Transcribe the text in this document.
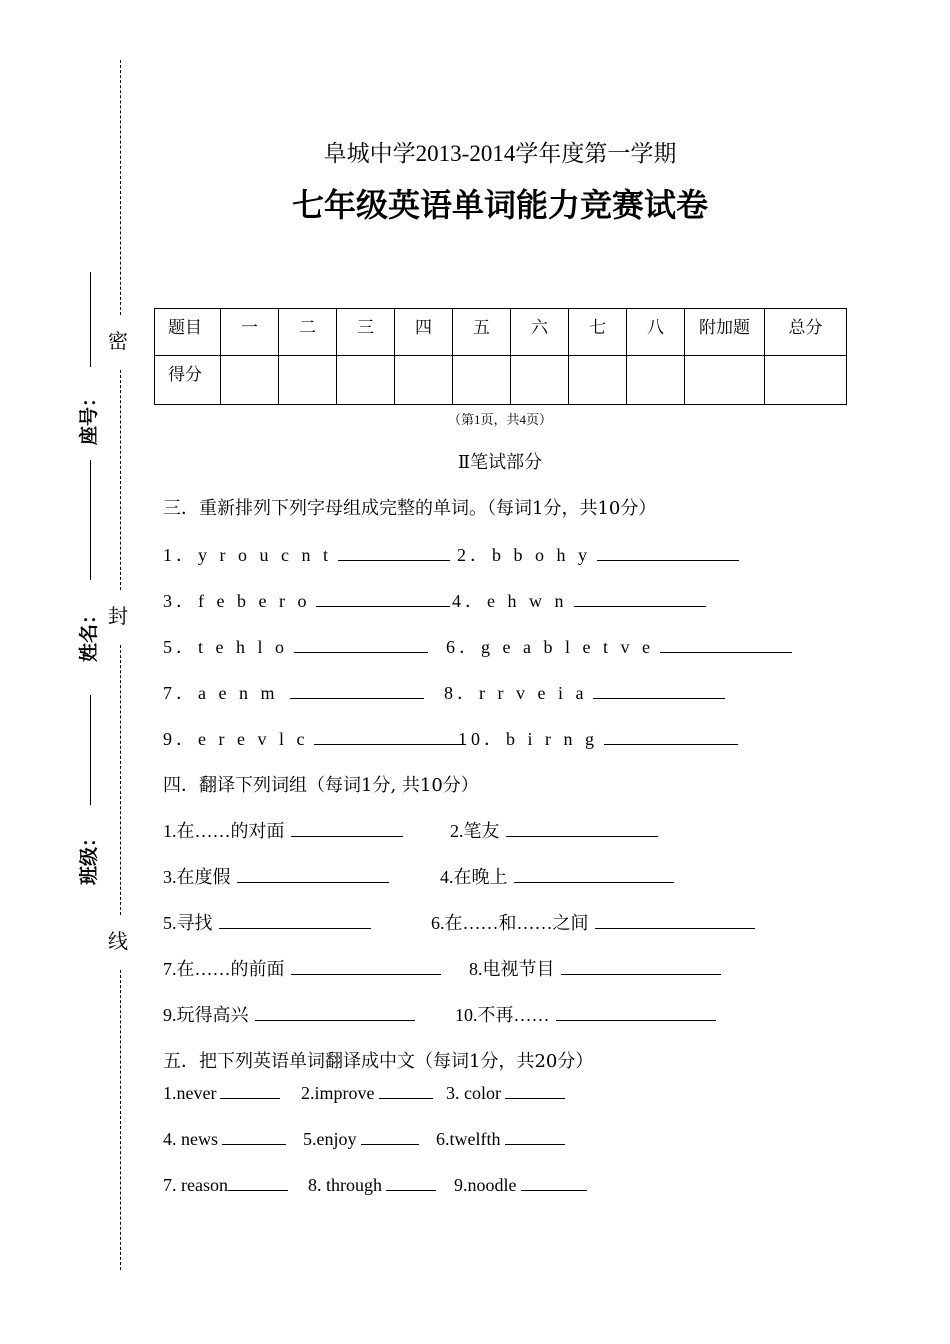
密
封
线
座号：
姓名：
班级：
阜城中学2013-2014学年度第一学期
七年级英语单词能力竞赛试卷
题目	一	二	三	四	五	六	七	八	附加题	总分
得分										
（第1页，共4页）
Ⅱ笔试部分
三．重新排列下列字母组成完整的单词。（每词1分，共10分）
1．y r o u c n t	2．b b o h y
3．f e b e r o	4．e h w n
5．t e h l o	6．g e a b l e t v e
7．a e n m	8．r r v e i a
9．e r e v l c	10．b i r n g
四．翻译下列词组（每词1分, 共10分）
1.在……的对面	2.笔友
3.在度假	4.在晚上
5.寻找	6.在……和……之间
7.在……的前面	8.电视节目
9.玩得高兴	10.不再……
五．把下列英语单词翻译成中文（每词1分，共20分）
1.never	2.improve	3. color
4. news	5.enjoy	6.twelfth
7. reason	8. through	9.noodle
